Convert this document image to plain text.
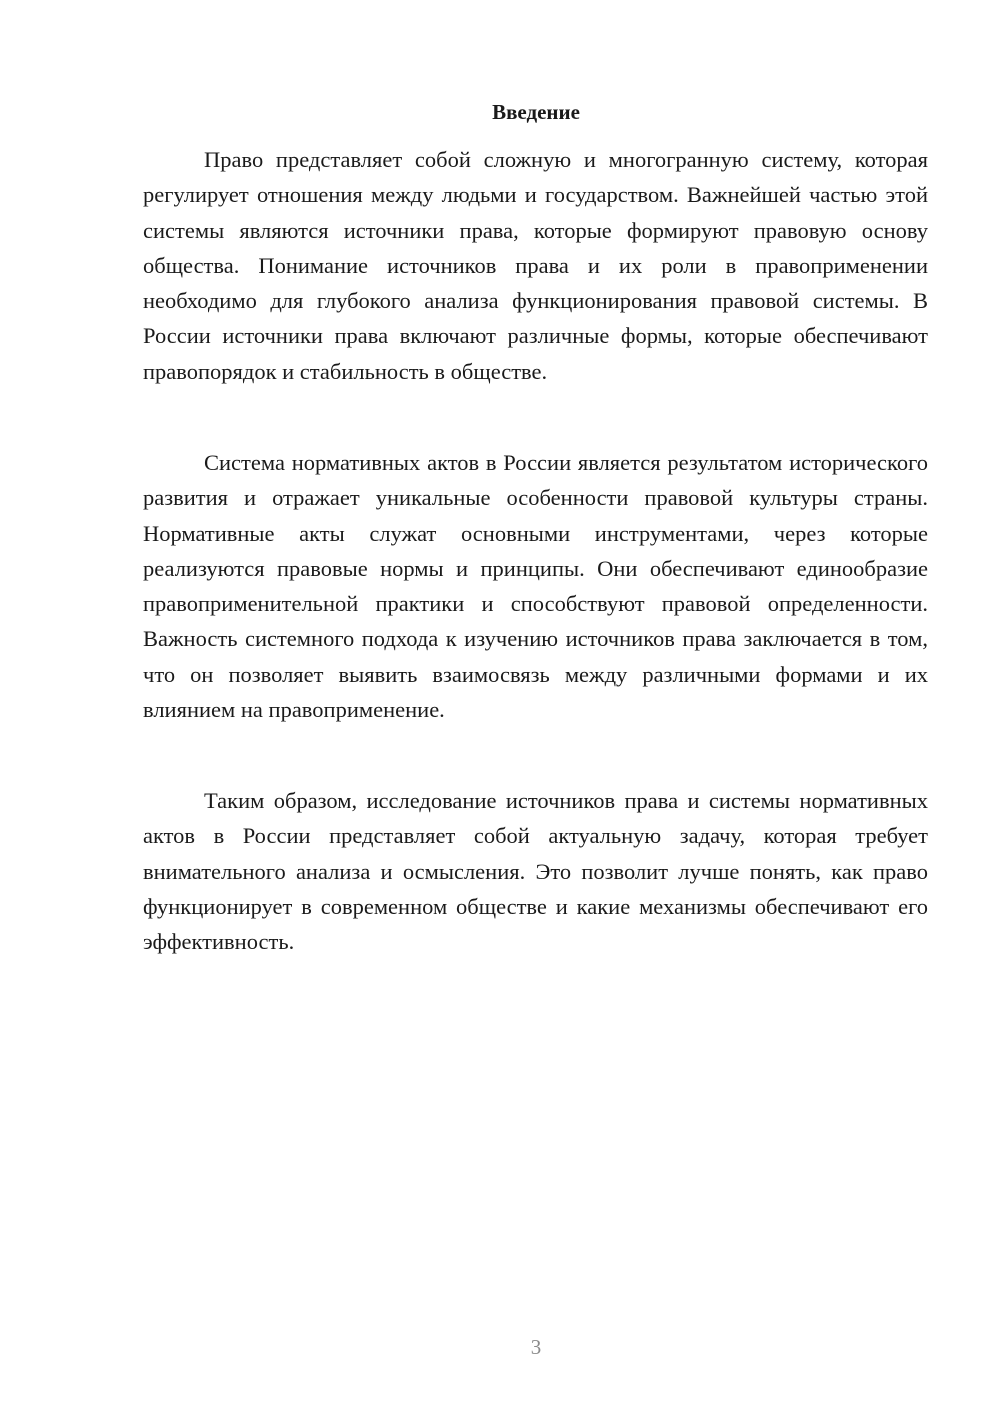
Введение

Право представляет собой сложную и многогранную систему, которая регулирует отношения между людьми и государством. Важнейшей частью этой системы являются источники права, которые формируют правовую основу общества. Понимание источников права и их роли в правоприменении необходимо для глубокого анализа функционирования правовой системы. В России источники права включают различные формы, которые обеспечивают правопорядок и стабильность в обществе.

Система нормативных актов в России является результатом исторического развития и отражает уникальные особенности правовой культуры страны. Нормативные акты служат основными инструментами, через которые реализуются правовые нормы и принципы. Они обеспечивают единообразие правоприменительной практики и способствуют правовой определенности. Важность системного подхода к изучению источников права заключается в том, что он позволяет выявить взаимосвязь между различными формами и их влиянием на правоприменение.

Таким образом, исследование источников права и системы нормативных актов в России представляет собой актуальную задачу, которая требует внимательного анализа и осмысления. Это позволит лучше понять, как право функционирует в современном обществе и какие механизмы обеспечивают его эффективность.

3
